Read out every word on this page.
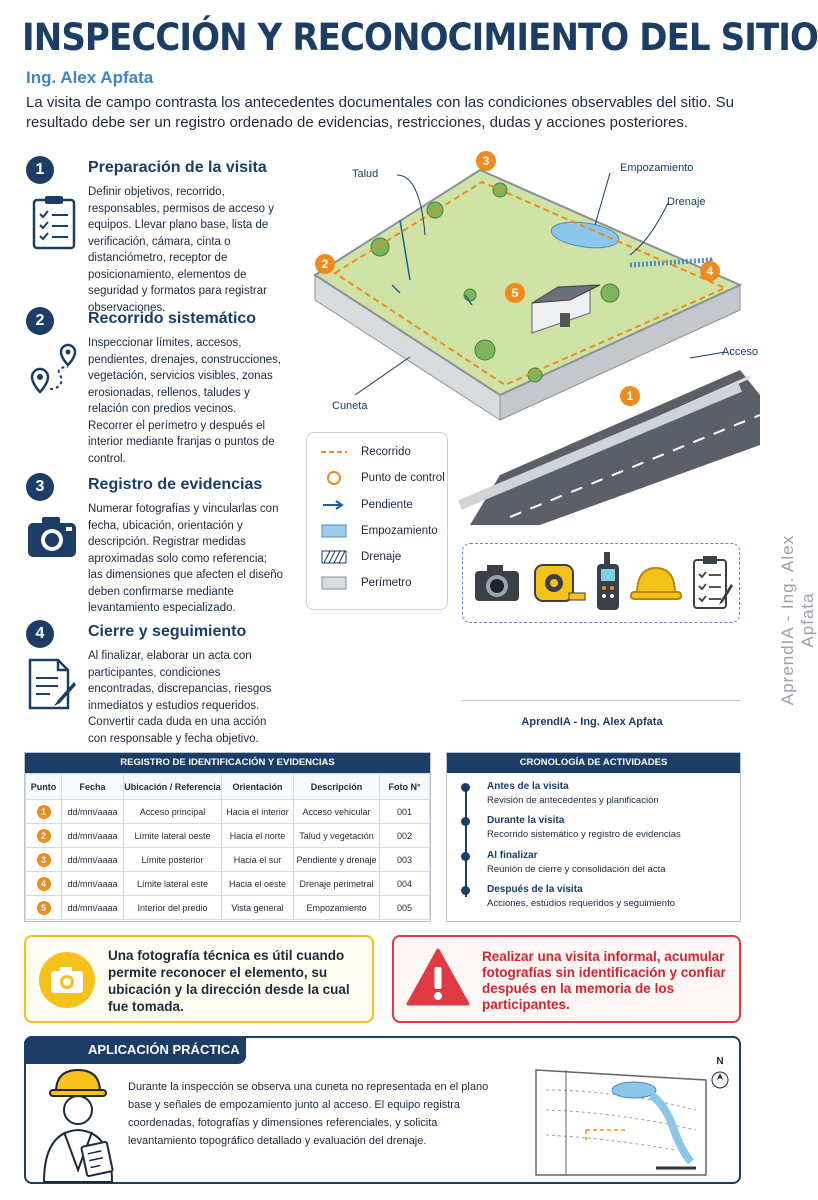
INSPECCIÓN Y RECONOCIMIENTO DEL SITIO
Ing. Alex Apfata
La visita de campo contrasta los antecedentes documentales con las condiciones observables del sitio. Su resultado debe ser un registro ordenado de evidencias, restricciones, dudas y acciones posteriores.
1	Preparación de la visita
Definir objetivos, recorrido, responsables, permisos de acceso y equipos. Llevar plano base, lista de verificación, cámara, cinta o distanciómetro, receptor de posicionamiento, elementos de seguridad y formatos para registrar observaciones.
2	Recorrido sistemático
Inspeccionar límites, accesos, pendientes, drenajes, construcciones, vegetación, servicios visibles, zonas erosionadas, rellenos, taludes y relación con predios vecinos. Recorrer el perímetro y después el interior mediante franjas o puntos de control.
3	Registro de evidencias
Numerar fotografías y vincularlas con fecha, ubicación, orientación y descripción. Registrar medidas aproximadas solo como referencia; las dimensiones que afecten el diseño deben confirmarse mediante levantamiento especializado.
4	Cierre y seguimiento
Al finalizar, elaborar un acta con participantes, condiciones encontradas, discrepancias, riesgos inmediatos y estudios requeridos. Convertir cada duda en una acción con responsable y fecha objetivo.
1
2
3
4
5
Talud	Empozamiento
Drenaje
Acceso
Cuneta
Recorrido
Punto de control
Pendiente
Empozamiento
Drenaje
Perímetro
AprendIA - Ing. Alex Apfata
AprendIA - Ing. Alex Apfata
REGISTRO DE IDENTIFICACIÓN Y EVIDENCIAS
Punto	Fecha	Ubicación / Referencia	Orientación	Descripción	Foto N°
1	dd/mm/aaaa	Acceso principal	Hacia el interior	Acceso vehicular	001
2	dd/mm/aaaa	Límite lateral oeste	Hacia el norte	Talud y vegetación	002
3	dd/mm/aaaa	Límite posterior	Hacia el sur	Pendiente y drenaje	003
4	dd/mm/aaaa	Límite lateral este	Hacia el oeste	Drenaje perimetral	004
5	dd/mm/aaaa	Interior del predio	Vista general	Empozamiento	005
CRONOLOGÍA DE ACTIVIDADES
Antes de la visita
Revisión de antecedentes y planificación
Durante la visita
Recorrido sistemático y registro de evidencias
Al finalizar
Reunión de cierre y consolidación del acta
Después de la visita
Acciones, estudios requeridos y seguimiento
Una fotografía técnica es útil cuando permite reconocer el elemento, su ubicación y la dirección desde la cual fue tomada.
Realizar una visita informal, acumular fotografías sin identificación y confiar después en la memoria de los participantes.
APLICACIÓN PRÁCTICA
Durante la inspección se observa una cuneta no representada en el plano base y señales de empozamiento junto al acceso. El equipo registra coordenadas, fotografías y dimensiones referenciales, y solicita levantamiento topográfico detallado y evaluación del drenaje.
N
